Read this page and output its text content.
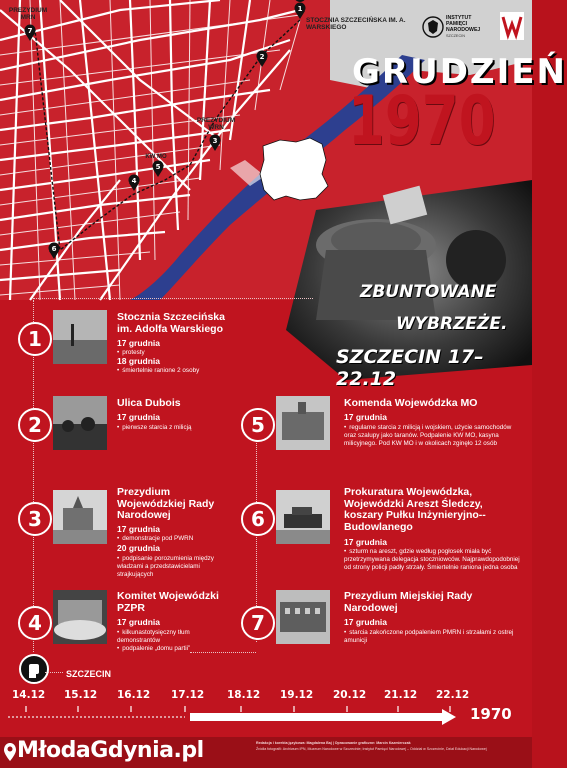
1
2
3
4
5
6
7
STOCZNIA SZCZECIŃSKA IM. A. WARSKIEGO
PREZYDIUM MRN
PREZYDIUM WRN
KW MO
INSTYTUT PAMIĘCI NARODOWEJ
SZCZECIN
GRUDZIEŃ
1970
ZBUNTOWANE
WYBRZEŻE.
SZCZECIN 17–22.12
1
Stocznia Szczecińska im. Adolfa Warskiego
17 grudnia
• protesty
18 grudnia
• śmiertelnie ranione 2 osoby
2
Ulica Dubois
17 grudnia
• pierwsze starcia z milicją
3
Prezydium Wojewódzkiej Rady Narodowej
17 grudnia
• demonstracje pod PWRN
20 grudnia
• podpisanie porozumienia między władzami a przedstawicielami strajkujących
4
Komitet Wojewódzki PZPR
17 grudnia
• kilkunastotysięczny tłum demonstrantów
• podpalenie „domu partii”
5
Komenda Wojewódzka MO
17 grudnia
• regularne starcia z milicją i wojskiem, użycie samochodów oraz szalupy jako taranów. Podpalenie KW MO, kasyna milicyjnego. Pod KW MO i w okolicach zginęło 12 osób
6
Prokuratura Wojewódzka, Wojewódzki Areszt Śledczy, koszary Pułku Inżynieryjno--Budowlanego
17 grudnia
• szturm na areszt, gdzie według pogłosek miała być przetrzymywana delegacja stoczniowców. Najprawdopodobniej od strony policji padły strzały. Śmiertelnie raniona jedna osoba
7
Prezydium Miejskiej Rady Narodowej
17 grudnia
• starcia zakończone podpaleniem PMRN i strzałami z ostrej amunicji
SZCZECIN
14.12 15.12 16.12 17.12 18.12 19.12 20.12 21.12 22.12
1970
Redakcja i korekta językowa: Magdalena Baj | Opracowanie graficzne: Marcin Kazmierczak
Źródła fotografii: Archiwum IPN, Muzeum Narodowe w Szczecinie; Instytut Pamięci Narodowej – Oddział w Szczecinie, Dział Edukacji Narodowej
MłodaGdynia.pl
